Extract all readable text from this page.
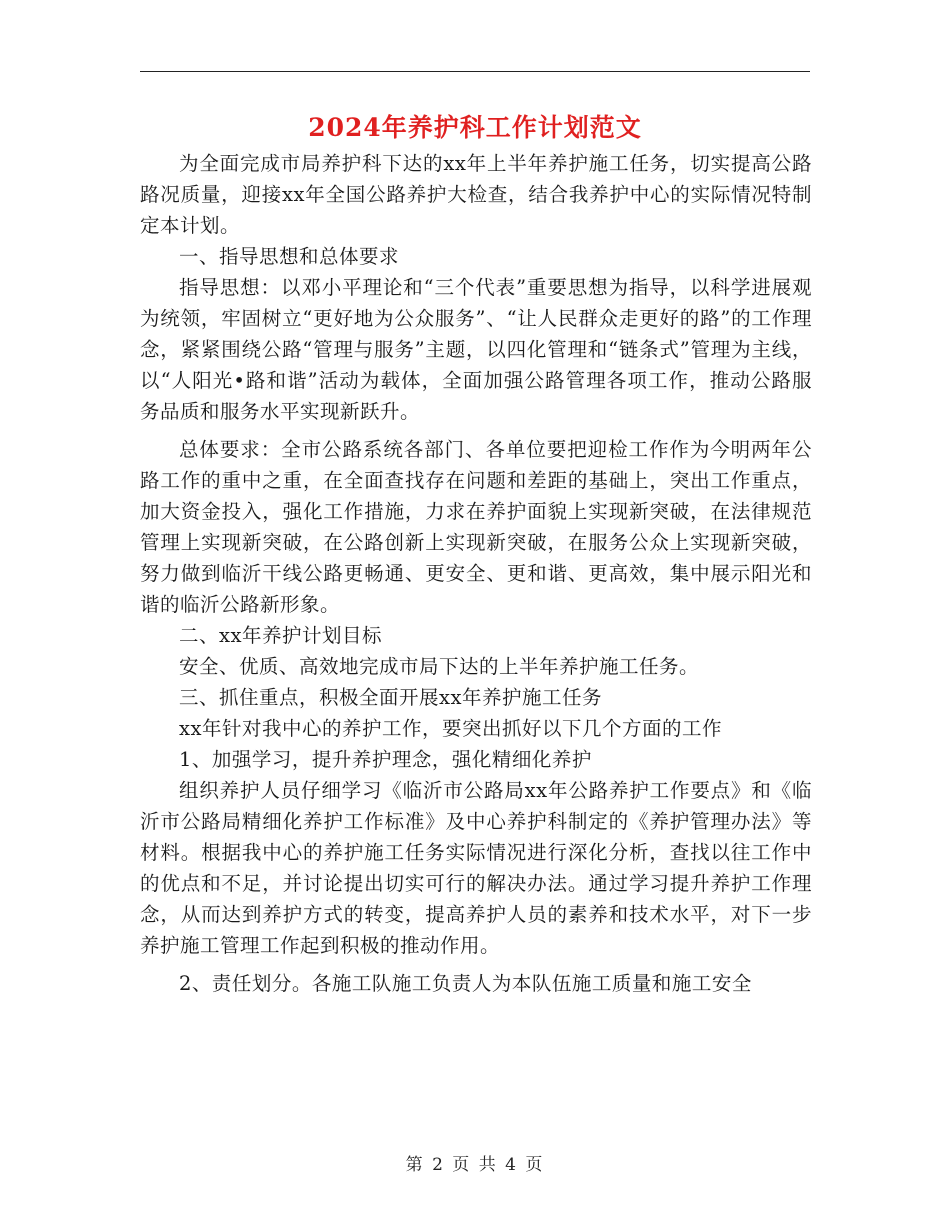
2024年养护科工作计划范文

为全面完成市局养护科下达的xx年上半年养护施工任务，切实提高公路路况质量，迎接xx年全国公路养护大检查，结合我养护中心的实际情况特制定本计划。

一、指导思想和总体要求

指导思想：以邓小平理论和“三个代表”重要思想为指导，以科学进展观为统领，牢固树立“更好地为公众服务”、“让人民群众走更好的路”的工作理念，紧紧围绕公路“管理与服务”主题，以四化管理和“链条式”管理为主线，以“人阳光•路和谐”活动为载体，全面加强公路管理各项工作，推动公路服务品质和服务水平实现新跃升。

总体要求：全市公路系统各部门、各单位要把迎检工作作为今明两年公路工作的重中之重，在全面查找存在问题和差距的基础上，突出工作重点，加大资金投入，强化工作措施，力求在养护面貌上实现新突破，在法律规范管理上实现新突破，在公路创新上实现新突破，在服务公众上实现新突破，努力做到临沂干线公路更畅通、更安全、更和谐、更高效，集中展示阳光和谐的临沂公路新形象。

二、xx年养护计划目标

安全、优质、高效地完成市局下达的上半年养护施工任务。

三、抓住重点，积极全面开展xx年养护施工任务

xx年针对我中心的养护工作，要突出抓好以下几个方面的工作

1、加强学习，提升养护理念，强化精细化养护

组织养护人员仔细学习《临沂市公路局xx年公路养护工作要点》和《临沂市公路局精细化养护工作标准》及中心养护科制定的《养护管理办法》等材料。根据我中心的养护施工任务实际情况进行深化分析，查找以往工作中的优点和不足，并讨论提出切实可行的解决办法。通过学习提升养护工作理念，从而达到养护方式的转变，提高养护人员的素养和技术水平，对下一步养护施工管理工作起到积极的推动作用。

2、责任划分。各施工队施工负责人为本队伍施工质量和施工安全

第 2 页 共 4 页
